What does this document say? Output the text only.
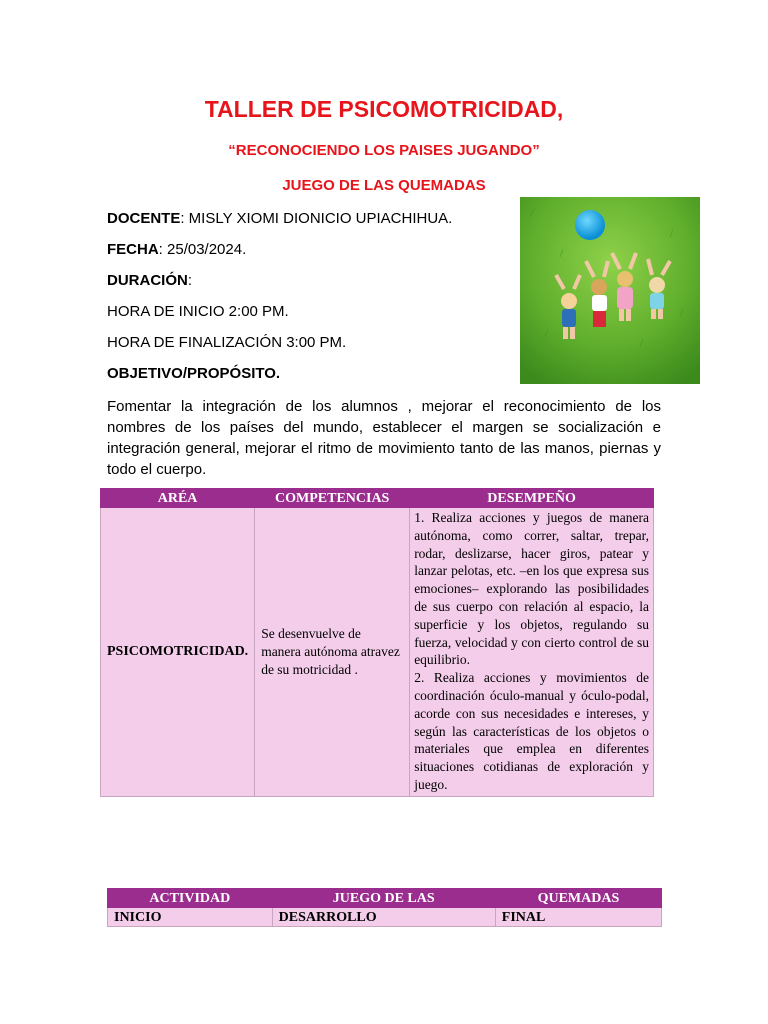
TALLER DE PSICOMOTRICIDAD,
“RECONOCIENDO LOS PAISES JUGANDO”
JUEGO DE LAS QUEMADAS
DOCENTE: MISLY XIOMI DIONICIO UPIACHIHUA.
FECHA: 25/03/2024.
DURACIÓN:
HORA DE INICIO 2:00 PM.
HORA DE FINALIZACIÓN 3:00 PM.
OBJETIVO/PROPÓSITO.
Fomentar la integración de los alumnos , mejorar el reconocimiento de los nombres de los países del mundo, establecer el margen se socialización e integración general, mejorar el ritmo de movimiento tanto de las manos, piernas y todo el cuerpo.
ARÉA	COMPETENCIAS	DESEMPEÑO
PSICOMOTRICIDAD.	Se desenvuelve de manera autónoma atravez de su motricidad .	1. Realiza acciones y juegos de manera autónoma, como correr, saltar, trepar, rodar, deslizarse, hacer giros, patear y lanzar pelotas, etc. –en los que expresa sus emociones– explorando las posibilidades de sus cuerpo con relación al espacio, la superficie y los objetos, regulando su fuerza, velocidad y con cierto control de su equilibrio.
2. Realiza acciones y movimientos de coordinación óculo-manual y óculo-podal, acorde con sus necesidades e intereses, y según las características de los objetos o materiales que emplea en diferentes situaciones cotidianas de exploración y juego.
ACTIVIDAD	JUEGO DE LAS	QUEMADAS
INICIO	DESARROLLO	FINAL
